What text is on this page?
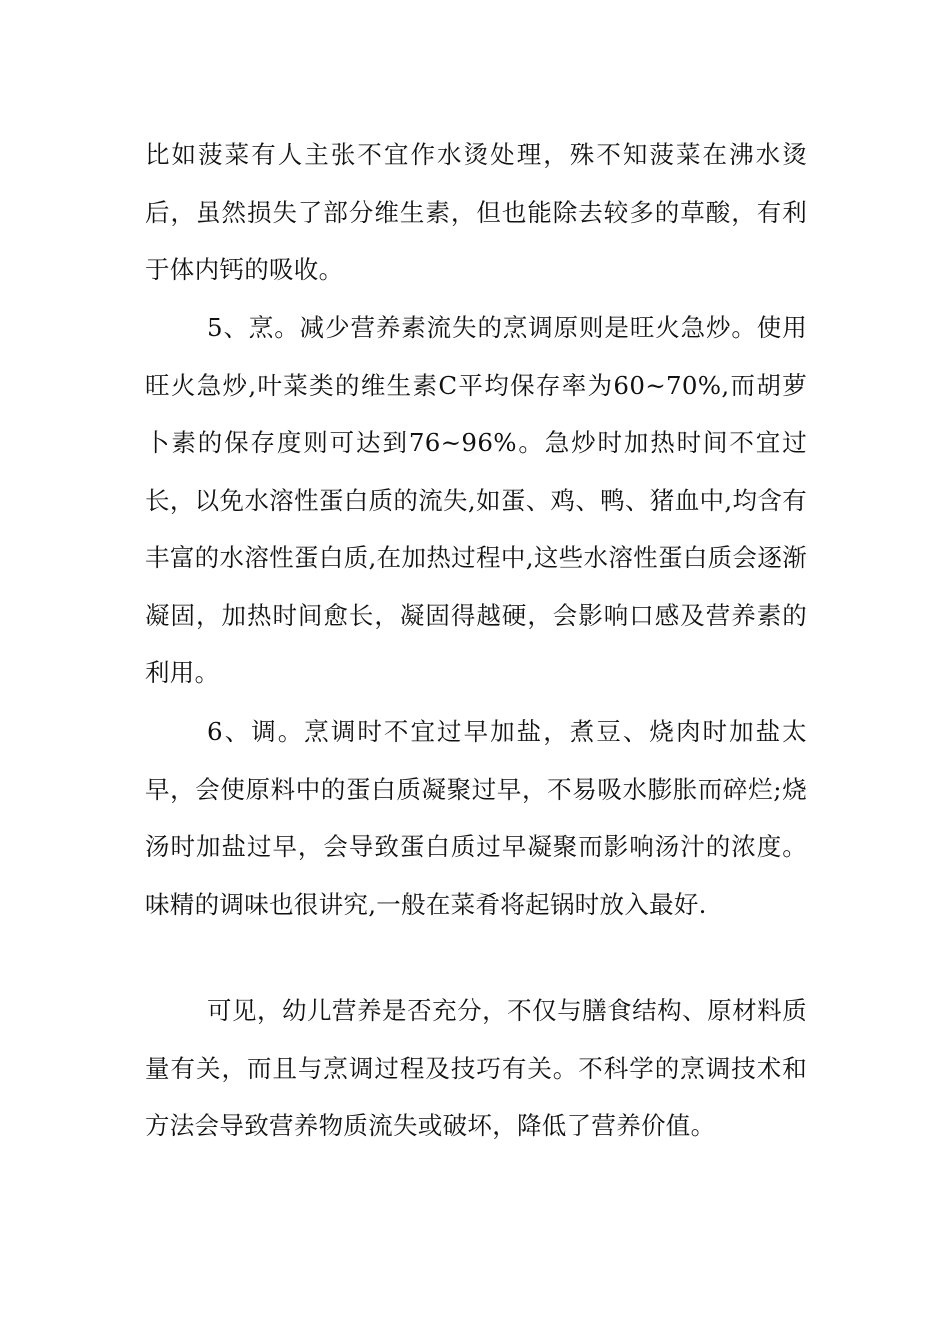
比如菠菜有人主张不宜作水烫处理，殊不知菠菜在沸水烫后，虽然损失了部分维生素，但也能除去较多的草酸，有利于体内钙的吸收。

5、烹。减少营养素流失的烹调原则是旺火急炒。使用旺火急炒,叶菜类的维生素C平均保存率为60~70%,而胡萝卜素的保存度则可达到76~96%。急炒时加热时间不宜过长，以免水溶性蛋白质的流失,如蛋、鸡、鸭、猪血中,均含有丰富的水溶性蛋白质,在加热过程中,这些水溶性蛋白质会逐渐凝固，加热时间愈长，凝固得越硬，会影响口感及营养素的利用。

6、调。烹调时不宜过早加盐，煮豆、烧肉时加盐太早，会使原料中的蛋白质凝聚过早，不易吸水膨胀而碎烂;烧汤时加盐过早，会导致蛋白质过早凝聚而影响汤汁的浓度。味精的调味也很讲究,一般在菜肴将起锅时放入最好.

可见，幼儿营养是否充分，不仅与膳食结构、原材料质量有关，而且与烹调过程及技巧有关。不科学的烹调技术和方法会导致营养物质流失或破坏，降低了营养价值。
